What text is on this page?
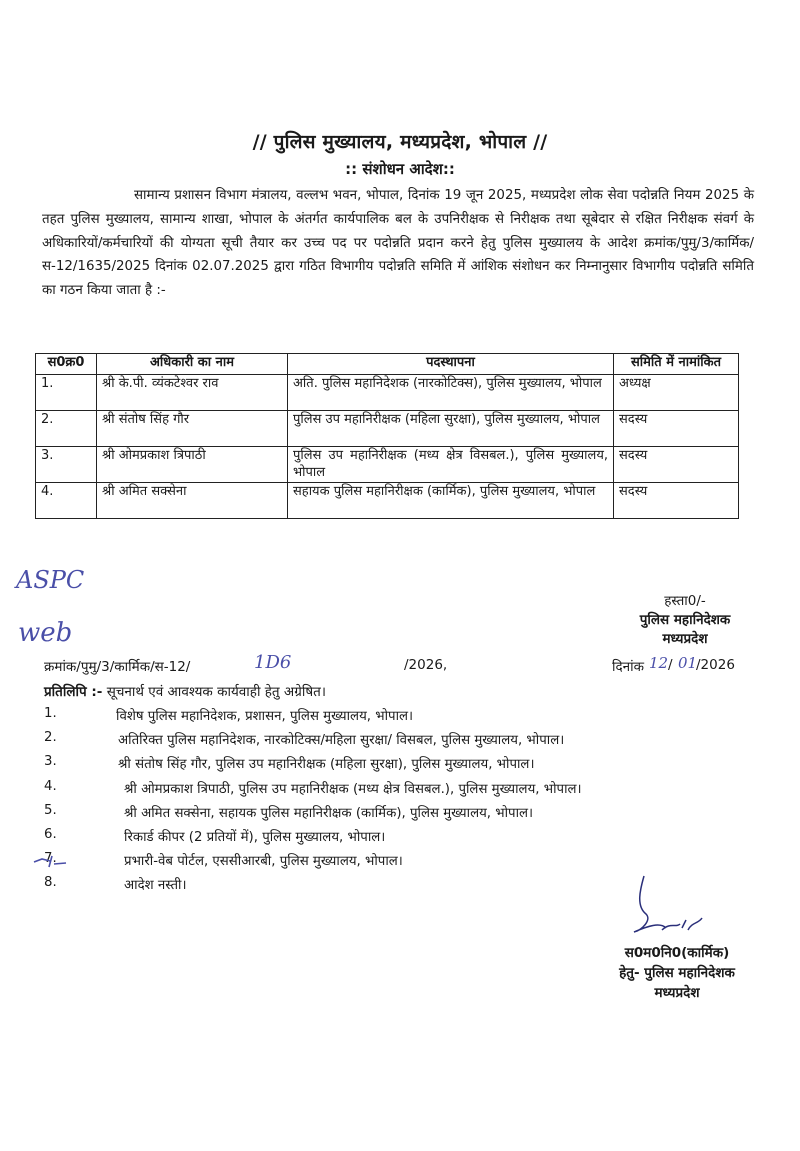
// पुलिस मुख्यालय, मध्यप्रदेश, भोपाल //
:: संशोधन आदेश::
सामान्य प्रशासन विभाग मंत्रालय, वल्लभ भवन, भोपाल, दिनांक 19 जून 2025, मध्यप्रदेश लोक सेवा पदोन्नति नियम 2025 के तहत पुलिस मुख्यालय, सामान्य शाखा, भोपाल के अंतर्गत कार्यपालिक बल के उपनिरीक्षक से निरीक्षक तथा सूबेदार से रक्षित निरीक्षक संवर्ग के अधिकारियों/कर्मचारियों की योग्यता सूची तैयार कर उच्च पद पर पदोन्नति प्रदान करने हेतु पुलिस मुख्यालय के आदेश क्रमांक/पुमु/3/कार्मिक/स-12/1635/2025 दिनांक 02.07.2025 द्वारा गठित विभागीय पदोन्नति समिति में आंशिक संशोधन कर निम्नानुसार विभागीय पदोन्नति समिति का गठन किया जाता है :-
स0क्र0	अधिकारी का नाम	पदस्थापना	समिति में नामांकित
1.	श्री के.पी. व्यंकटेश्वर राव	अति. पुलिस महानिदेशक (नारकोटिक्स), पुलिस मुख्यालय, भोपाल	अध्यक्ष
2.	श्री संतोष सिंह गौर	पुलिस उप महानिरीक्षक (महिला सुरक्षा), पुलिस मुख्यालय, भोपाल	सदस्य
3.	श्री ओमप्रकाश त्रिपाठी	पुलिस उप महानिरीक्षक (मध्य क्षेत्र विसबल.), पुलिस मुख्यालय, भोपाल	सदस्य
4.	श्री अमित सक्सेना	सहायक पुलिस महानिरीक्षक (कार्मिक), पुलिस मुख्यालय, भोपाल	सदस्य
ASPC
web
हस्ता0/-
पुलिस महानिदेशक
मध्यप्रदेश
क्रमांक/पुमु/3/कार्मिक/स-12/	1D6	/2026,	दिनांक 12 / 01
/2026
प्रतिलिपि :- सूचनार्थ एवं आवश्यक कार्यवाही हेतु अग्रेषित।
1.	विशेष पुलिस महानिदेशक, प्रशासन, पुलिस मुख्यालय, भोपाल।
2.	अतिरिक्त पुलिस महानिदेशक, नारकोटिक्स/महिला सुरक्षा/ विसबल, पुलिस मुख्यालय, भोपाल।
3.	श्री संतोष सिंह गौर, पुलिस उप महानिरीक्षक (महिला सुरक्षा), पुलिस मुख्यालय, भोपाल।
4.	श्री ओमप्रकाश त्रिपाठी, पुलिस उप महानिरीक्षक (मध्य क्षेत्र विसबल.), पुलिस मुख्यालय, भोपाल।
5.	श्री अमित सक्सेना, सहायक पुलिस महानिरीक्षक (कार्मिक), पुलिस मुख्यालय, भोपाल।
6.	रिकार्ड कीपर (2 प्रतियों में), पुलिस मुख्यालय, भोपाल।
7.	प्रभारी-वेब पोर्टल, एससीआरबी, पुलिस मुख्यालय, भोपाल।
8.	आदेश नस्ती।
स0म0नि0(कार्मिक)
हेतु- पुलिस महानिदेशक
मध्यप्रदेश
